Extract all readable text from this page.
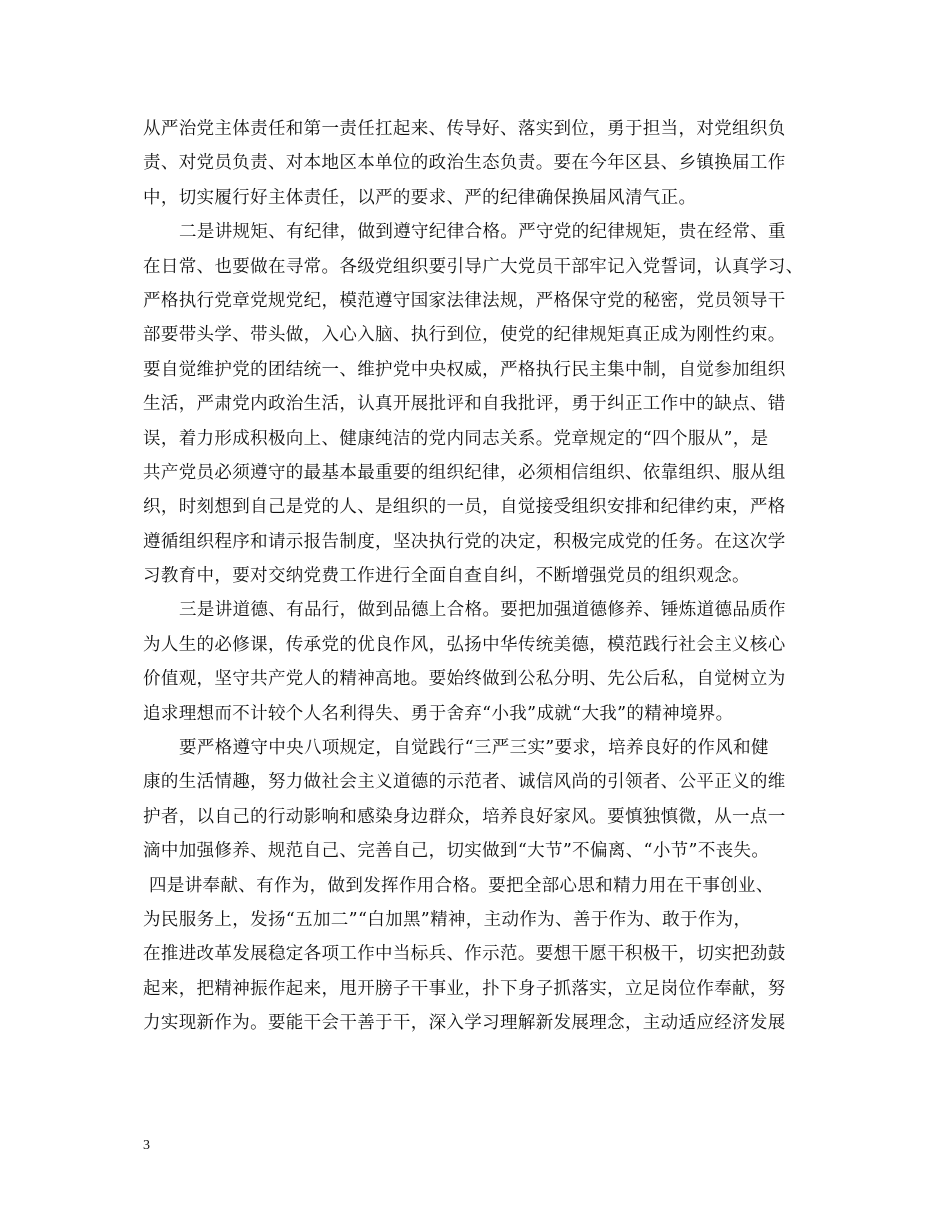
从严治党主体责任和第一责任扛起来、传导好、落实到位，勇于担当，对党组织负
责、对党员负责、对本地区本单位的政治生态负责。要在今年区县、乡镇换届工作
中，切实履行好主体责任，以严的要求、严的纪律确保换届风清气正。
二是讲规矩、有纪律，做到遵守纪律合格。严守党的纪律规矩，贵在经常、重
在日常、也要做在寻常。各级党组织要引导广大党员干部牢记入党誓词，认真学习、
严格执行党章党规党纪，模范遵守国家法律法规，严格保守党的秘密，党员领导干
部要带头学、带头做，入心入脑、执行到位，使党的纪律规矩真正成为刚性约束。
要自觉维护党的团结统一、维护党中央权威，严格执行民主集中制，自觉参加组织
生活，严肃党内政治生活，认真开展批评和自我批评，勇于纠正工作中的缺点、错
误，着力形成积极向上、健康纯洁的党内同志关系。党章规定的“四个服从”，是
共产党员必须遵守的最基本最重要的组织纪律，必须相信组织、依靠组织、服从组
织，时刻想到自己是党的人、是组织的一员，自觉接受组织安排和纪律约束，严格
遵循组织程序和请示报告制度，坚决执行党的决定，积极完成党的任务。在这次学
习教育中，要对交纳党费工作进行全面自查自纠，不断增强党员的组织观念。
三是讲道德、有品行，做到品德上合格。要把加强道德修养、锤炼道德品质作
为人生的必修课，传承党的优良作风，弘扬中华传统美德，模范践行社会主义核心
价值观，坚守共产党人的精神高地。要始终做到公私分明、先公后私，自觉树立为
追求理想而不计较个人名利得失、勇于舍弃“小我”成就“大我”的精神境界。
要严格遵守中央八项规定，自觉践行“三严三实”要求，培养良好的作风和健
康的生活情趣，努力做社会主义道德的示范者、诚信风尚的引领者、公平正义的维
护者，以自己的行动影响和感染身边群众，培养良好家风。要慎独慎微，从一点一
滴中加强修养、规范自己、完善自己，切实做到“大节”不偏离、“小节”不丧失。
四是讲奉献、有作为，做到发挥作用合格。要把全部心思和精力用在干事创业、
为民服务上，发扬“五加二”“白加黑”精神，主动作为、善于作为、敢于作为，
在推进改革发展稳定各项工作中当标兵、作示范。要想干愿干积极干，切实把劲鼓
起来，把精神振作起来，甩开膀子干事业，扑下身子抓落实，立足岗位作奉献，努
力实现新作为。要能干会干善于干，深入学习理解新发展理念，主动适应经济发展
3
